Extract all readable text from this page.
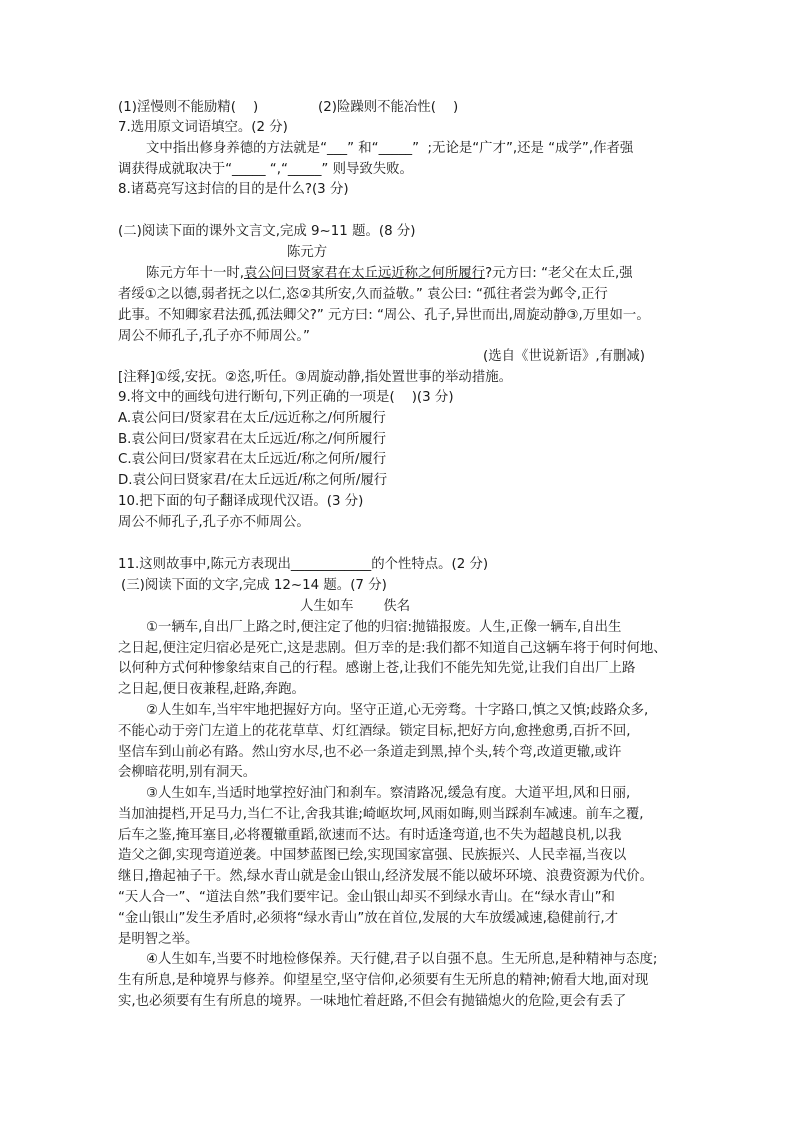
(1)淫慢则不能励精(    )	(2)险躁则不能冶性(    )
7.选用原文词语填空。(2 分)
文中指出修身养德的方法就是“___” 和“_____”  ;无论是“广才”,还是 “成学”,作者强
调获得成就取决于“_____ “,“_____” 则导致失败。
8.诸葛亮写这封信的目的是什么?(3 分)
(二)阅读下面的课外文言文,完成 9~11 题。(8 分)
陈元方
陈元方年十一时,袁公问曰贤家君在太丘远近称之何所履行?元方曰: “老父在太丘,强
者绥①之以德,弱者抚之以仁,恣②其所安,久而益敬。” 袁公曰: “孤往者尝为邺令,正行
此事。不知卿家君法孤,孤法卿父?” 元方曰: “周公、孔子,异世而出,周旋动静③,万里如一。
周公不师孔子,孔子亦不师周公。”
(选自《世说新语》,有删减)
[注释]①绥,安抚。②恣,听任。③周旋动静,指处置世事的举动措施。
9.将文中的画线句进行断句,下列正确的一项是(    )(3 分)
A.袁公问曰/贤家君在太丘/远近称之/何所履行
B.袁公问曰/贤家君在太丘远近/称之/何所履行
C.袁公问曰/贤家君在太丘远近/称之何所/履行
D.袁公问曰贤家君/在太丘远近/称之何所/履行
10.把下面的句子翻译成现代汉语。(3 分)
周公不师孔子,孔子亦不师周公。
11.这则故事中,陈元方表现出____________的个性特点。(2 分)
(三)阅读下面的文字,完成 12~14 题。(7 分)
人生如车       佚名
①一辆车,自出厂上路之时,便注定了他的归宿:抛锚报废。人生,正像一辆车,自出生
之日起,便注定归宿必是死亡,这是悲剧。但万幸的是:我们都不知道自己这辆车将于何时何地、
以何种方式何种惨象结束自己的行程。感谢上苍,让我们不能先知先觉,让我们自出厂上路
之日起,便日夜兼程,赶路,奔跑。
②人生如车,当牢牢地把握好方向。坚守正道,心无旁骛。十字路口,慎之又慎;歧路众多,
不能心动于旁门左道上的花花草草、灯红酒绿。锁定目标,把好方向,愈挫愈勇,百折不回,
坚信车到山前必有路。然山穷水尽,也不必一条道走到黑,掉个头,转个弯,改道更辙,或许
会柳暗花明,别有洞天。
③人生如车,当适时地掌控好油门和刹车。察清路况,缓急有度。大道平坦,风和日丽,
当加油提档,开足马力,当仁不让,舍我其谁;崎岖坎坷,风雨如晦,则当踩刹车减速。前车之覆,
后车之鉴,掩耳塞目,必将覆辙重蹈,欲速而不达。有时适逢弯道,也不失为超越良机,以我
造父之御,实现弯道逆袭。中国梦蓝图已绘,实现国家富强、民族振兴、人民幸福,当夜以
继日,撸起袖子干。然,绿水青山就是金山银山,经济发展不能以破坏环境、浪费资源为代价。
“天人合一”、“道法自然”我们要牢记。金山银山却买不到绿水青山。在“绿水青山”和
“金山银山”发生矛盾时,必须将“绿水青山”放在首位,发展的大车放缓减速,稳健前行,才
是明智之举。
④人生如车,当要不时地检修保养。天行健,君子以自强不息。生无所息,是种精神与态度;
生有所息,是种境界与修养。仰望星空,坚守信仰,必须要有生无所息的精神;俯看大地,面对现
实,也必须要有生有所息的境界。一味地忙着赶路,不但会有抛锚熄火的危险,更会有丢了
